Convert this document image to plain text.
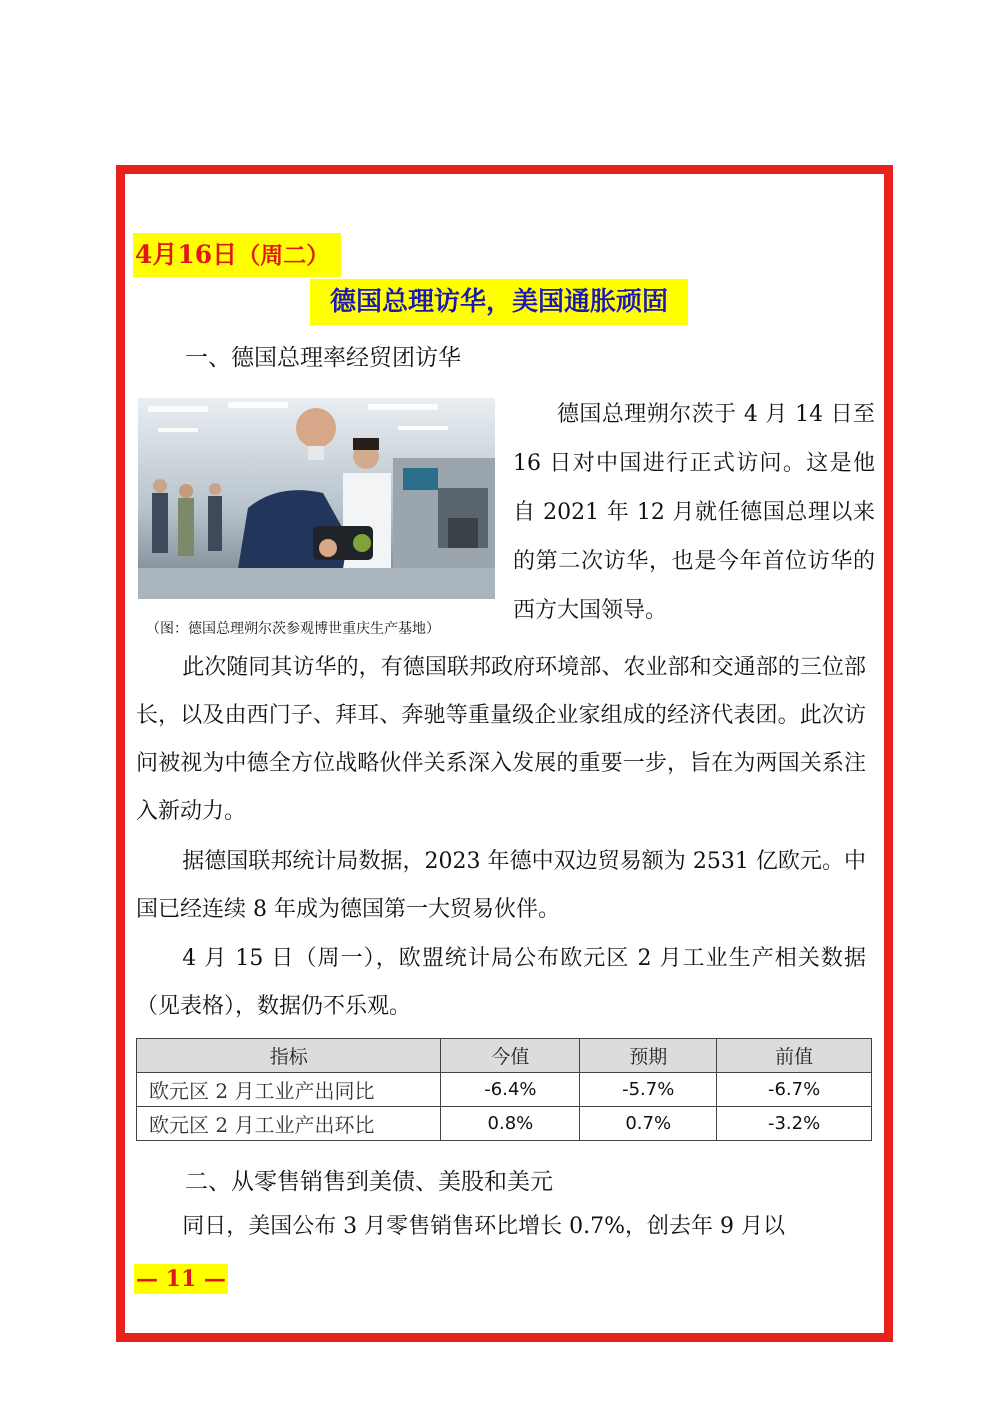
4月16日（周二）
德国总理访华，美国通胀顽固
一、德国总理率经贸团访华
（图：德国总理朔尔茨参观博世重庆生产基地）

德国总理朔尔茨于 4 月 14 日至 16 日对中国进行正式访问。这是他自 2021 年 12 月就任德国总理以来的第二次访华，也是今年首位访华的西方大国领导。

此次随同其访华的，有德国联邦政府环境部、农业部和交通部的三位部长，以及由西门子、拜耳、奔驰等重量级企业家组成的经济代表团。此次访问被视为中德全方位战略伙伴关系深入发展的重要一步，旨在为两国关系注入新动力。

据德国联邦统计局数据，2023 年德中双边贸易额为 2531 亿欧元。中国已经连续 8 年成为德国第一大贸易伙伴。

4 月 15 日（周一），欧盟统计局公布欧元区 2 月工业生产相关数据（见表格），数据仍不乐观。

指标	今值	预期	前值
欧元区 2 月工业产出同比	-6.4%	-5.7%	-6.7%
欧元区 2 月工业产出环比	0.8%	0.7%	-3.2%
二、从零售销售到美债、美股和美元

同日，美国公布 3 月零售销售环比增长 0.7%，创去年 9 月以

— 11 —
